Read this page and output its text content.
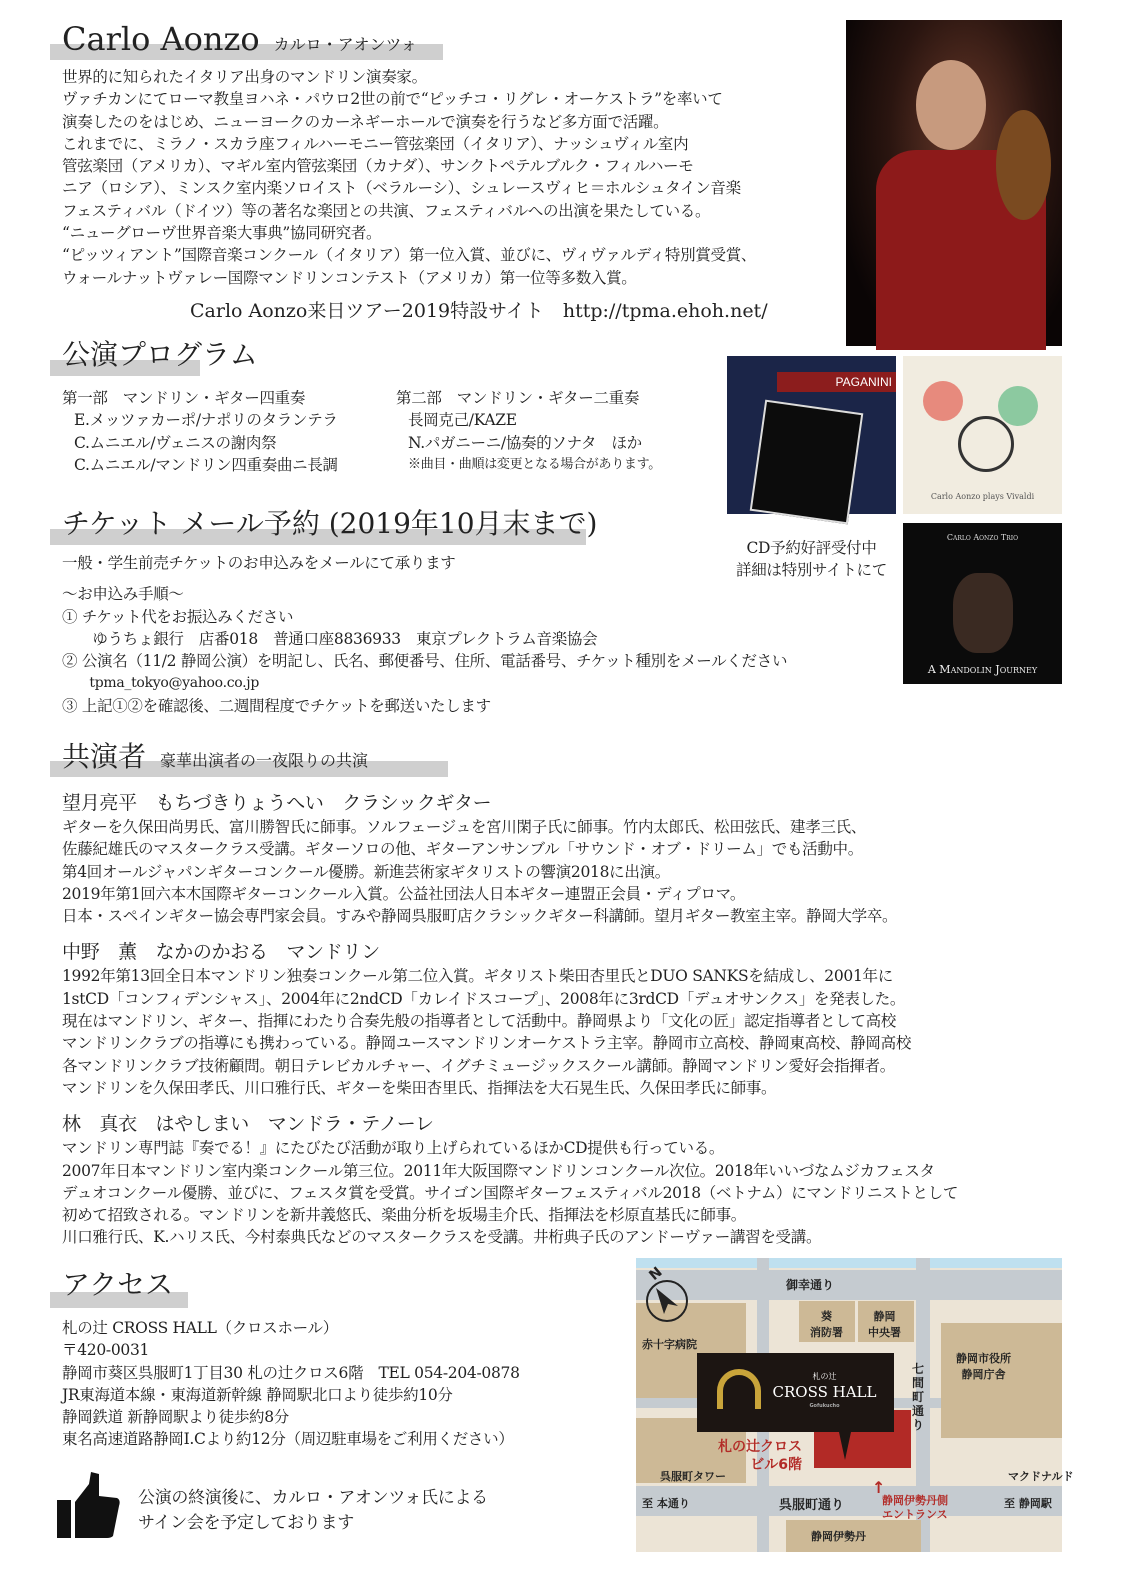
Carlo Aonzo カルロ・アオンツォ
世界的に知られたイタリア出身のマンドリン演奏家。
ヴァチカンにてローマ教皇ヨハネ・パウロ2世の前で“ピッチコ・リグレ・オーケストラ”を率いて
演奏したのをはじめ、ニューヨークのカーネギーホールで演奏を行うなど多方面で活躍。
これまでに、ミラノ・スカラ座フィルハーモニー管弦楽団（イタリア）、ナッシュヴィル室内
管弦楽団（アメリカ）、マギル室内管弦楽団（カナダ）、サンクトペテルブルク・フィルハーモ
ニア（ロシア）、ミンスク室内楽ソロイスト（ベラルーシ）、シュレースヴィヒ＝ホルシュタイン音楽
フェスティバル（ドイツ）等の著名な楽団との共演、フェスティバルへの出演を果たしている。
“ニューグローヴ世界音楽大事典”協同研究者。
“ピッツィアント”国際音楽コンクール（イタリア）第一位入賞、並びに、ヴィヴァルディ特別賞受賞、
ウォールナットヴァレー国際マンドリンコンテスト（アメリカ）第一位等多数入賞。
Carlo Aonzo来日ツアー2019特設サイト　 http://tpma.ehoh.net/
公演プログラム
第一部　マンドリン・ギター四重奏
E.メッツァカーポ/ナポリのタランテラ
C.ムニエル/ヴェニスの謝肉祭
C.ムニエル/マンドリン四重奏曲ニ長調
第二部　マンドリン・ギター二重奏
長岡克己/KAZE
N.パガニーニ/協奏的ソナタ　ほか
※曲目・曲順は変更となる場合があります。
PAGANINI
Carlo Aonzo plays Vivaldi
Carlo Aonzo Trio
A Mandolin Journey
CD予約好評受付中
詳細は特別サイトにて
チケット メール予約 (2019年10月末まで)
一般・学生前売チケットのお申込みをメールにて承ります
～お申込み手順～
① チケット代をお振込みください
　　ゆうちょ銀行　店番018　普通口座8836933　東京プレクトラム音楽協会
② 公演名（11/2 静岡公演）を明記し、氏名、郵便番号、住所、電話番号、チケット種別をメールください
　　tpma_tokyo@yahoo.co.jp
③ 上記①②を確認後、二週間程度でチケットを郵送いたします
共演者 豪華出演者の一夜限りの共演
望月亮平　もちづきりょうへい　クラシックギター
ギターを久保田尚男氏、富川勝智氏に師事。ソルフェージュを宮川閑子氏に師事。竹内太郎氏、松田弦氏、建孝三氏、
佐藤紀雄氏のマスタークラス受講。ギターソロの他、ギターアンサンブル「サウンド・オブ・ドリーム」でも活動中。
第4回オールジャパンギターコンクール優勝。新進芸術家ギタリストの響演2018に出演。
2019年第1回六本木国際ギターコンクール入賞。公益社団法人日本ギター連盟正会員・ディプロマ。
日本・スペインギター協会専門家会員。すみや静岡呉服町店クラシックギター科講師。望月ギター教室主宰。静岡大学卒。
中野　薫　なかのかおる　マンドリン
1992年第13回全日本マンドリン独奏コンクール第二位入賞。ギタリスト柴田杏里氏とDUO SANKSを結成し、2001年に
1stCD「コンフィデンシャス」、2004年に2ndCD「カレイドスコープ」、2008年に3rdCD「デュオサンクス」を発表した。
現在はマンドリン、ギター、指揮にわたり合奏先般の指導者として活動中。静岡県より「文化の匠」認定指導者として高校
マンドリンクラブの指導にも携わっている。静岡ユースマンドリンオーケストラ主宰。静岡市立高校、静岡東高校、静岡高校
各マンドリンクラブ技術顧問。朝日テレビカルチャー、イグチミュージックスクール講師。静岡マンドリン愛好会指揮者。
マンドリンを久保田孝氏、川口雅行氏、ギターを柴田杏里氏、指揮法を大石晃生氏、久保田孝氏に師事。
林　真衣　はやしまい　マンドラ・テノーレ
マンドリン専門誌『奏でる！』にたびたび活動が取り上げられているほかCD提供も行っている。
2007年日本マンドリン室内楽コンクール第三位。2011年大阪国際マンドリンコンクール次位。2018年いいづなムジカフェスタ
デュオコンクール優勝、並びに、フェスタ賞を受賞。サイゴン国際ギターフェスティバル2018（ベトナム）にマンドリニストとして
初めて招致される。マンドリンを新井義悠氏、楽曲分析を坂場圭介氏、指揮法を杉原直基氏に師事。
川口雅行氏、K.ハリス氏、今村泰典氏などのマスタークラスを受講。井桁典子氏のアンドーヴァー講習を受講。
アクセス
札の辻 CROSS HALL（クロスホール）
〒420-0031
静岡市葵区呉服町1丁目30 札の辻クロス6階　TEL 054-204-0878
JR東海道本線・東海道新幹線 静岡駅北口より徒歩約10分
静岡鉄道 新静岡駅より徒歩約8分
東名高速道路静岡I.Cより約12分（周辺駐車場をご利用ください）
公演の終演後に、カルロ・アオンツォ氏による
サイン会を予定しております
N
御幸通り
葵
消防署
静岡
中央署
赤十字病院
静岡市役所
静岡庁舎
七間町通り
札の辻
CROSS HALL
Gofukucho
札の辻クロス
ビル6階
呉服町タワー	マクドナルド
至 本通り	呉服町通り
↑
静岡伊勢丹側
エントランス
至 静岡駅
静岡伊勢丹
